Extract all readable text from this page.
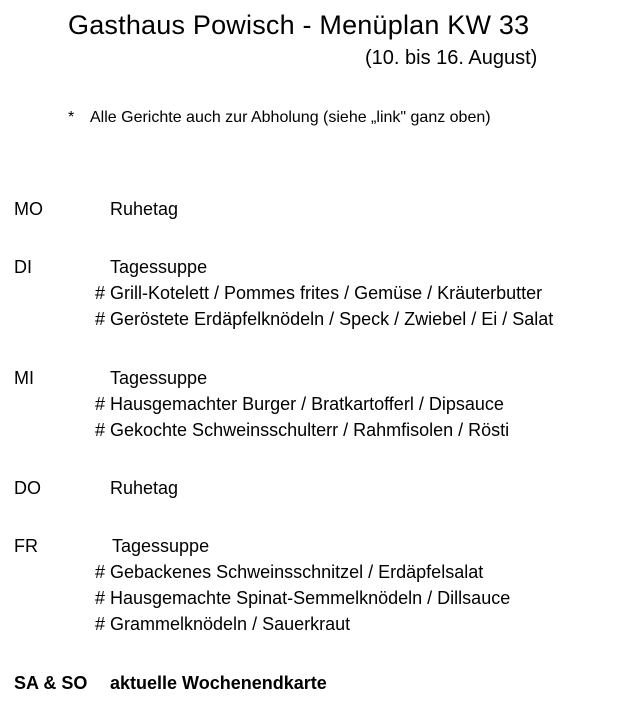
Gasthaus Powisch - Menüplan KW 33
(10. bis 16. August)
* Alle Gerichte auch zur Abholung (siehe „link" ganz oben)
MO	Ruhetag
DI	Tagessuppe
# Grill-Kotelett / Pommes frites / Gemüse / Kräuterbutter
# Geröstete Erdäpfelknödeln / Speck / Zwiebel / Ei / Salat
MI	Tagessuppe
# Hausgemachter Burger / Bratkartofferl / Dipsauce
# Gekochte Schweinsschulterr / Rahmfisolen / Rösti
DO	Ruhetag
FR	Tagessuppe
# Gebackenes Schweinsschnitzel / Erdäpfelsalat
# Hausgemachte Spinat-Semmelknödeln / Dillsauce
# Grammelknödeln / Sauerkraut
SA & SO aktuelle Wochenendkarte
